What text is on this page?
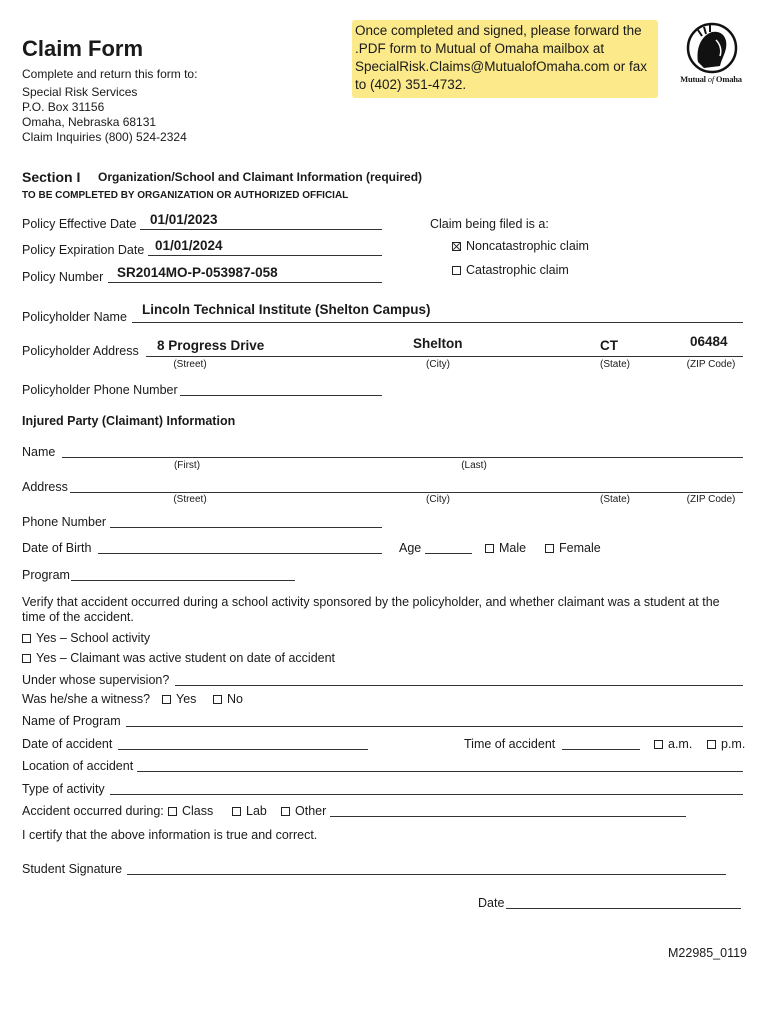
Claim Form
Complete and return this form to:
Special Risk Services
P.O. Box 31156
Omaha, Nebraska 68131
Claim Inquiries (800) 524-2324
Once completed and signed, please forward the .PDF form to Mutual of Omaha mailbox at SpecialRisk.Claims@MutualofOmaha.com or fax to (402) 351-4732.	Mutual of Omaha
Section I Organization/School and Claimant Information (required)
TO BE COMPLETED BY ORGANIZATION OR AUTHORIZED OFFICIAL
Policy Effective Date 01/01/2023
Policy Expiration Date 01/01/2024
Policy Number SR2014MO-P-053987-058
Claim being filed is a:
Noncatastrophic claim
Catastrophic claim
Policyholder Name Lincoln Technical Institute (Shelton Campus)
Policyholder Address 8 Progress Drive	Shelton	CT	06484
(Street)	(City)	(State)	(ZIP Code)
Policyholder Phone Number
Injured Party (Claimant) Information
Name
(First)	(Last)
Address
(Street)	(City)	(State)	(ZIP Code)
Phone Number
Date of Birth	Age	Male	Female
Program
Verify that accident occurred during a school activity sponsored by the policyholder, and whether claimant was a student at the time of the accident.
Yes – School activity
Yes – Claimant was active student on date of accident
Under whose supervision?
Was he/she a witness?	Yes	No
Name of Program
Date of accident	Time of accident	a.m.	p.m.
Location of accident
Type of activity
Accident occurred during:	Class	Lab	Other
I certify that the above information is true and correct.
Student Signature
Date
M22985_0119
